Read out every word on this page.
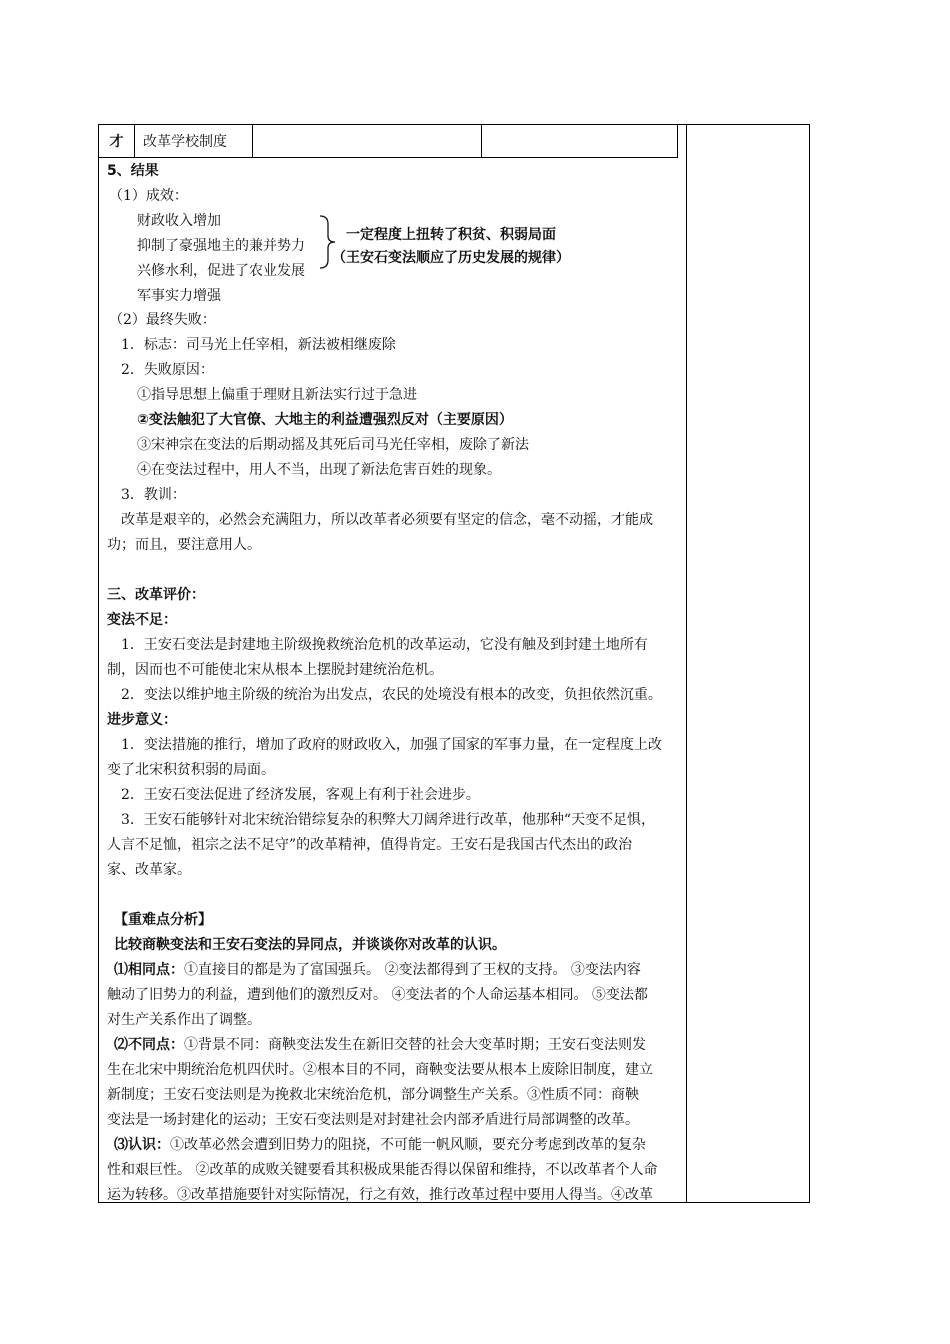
才	改革学校制度
5、结果
（1）成效：
财政收入增加
抑制了豪强地主的兼并势力
兴修水利，促进了农业发展
军事实力增强
一定程度上扭转了积贫、积弱局面
（王安石变法顺应了历史发展的规律）
（2）最终失败：
1．标志：司马光上任宰相，新法被相继废除
2．失败原因：
①指导思想上偏重于理财且新法实行过于急进
②变法触犯了大官僚、大地主的利益遭强烈反对（主要原因）
③宋神宗在变法的后期动摇及其死后司马光任宰相，废除了新法
④在变法过程中，用人不当，出现了新法危害百姓的现象。
3．教训：
改革是艰辛的，必然会充满阻力，所以改革者必须要有坚定的信念，毫不动摇，才能成
功；而且，要注意用人。
三、改革评价：
变法不足：
1．王安石变法是封建地主阶级挽救统治危机的改革运动，它没有触及到封建土地所有
制，因而也不可能使北宋从根本上摆脱封建统治危机。
2．变法以维护地主阶级的统治为出发点，农民的处境没有根本的改变，负担依然沉重。
进步意义：
1．变法措施的推行，增加了政府的财政收入，加强了国家的军事力量，在一定程度上改
变了北宋积贫积弱的局面。
2．王安石变法促进了经济发展，客观上有利于社会进步。
3．王安石能够针对北宋统治错综复杂的积弊大刀阔斧进行改革，他那种“天变不足惧，
人言不足恤，祖宗之法不足守”的改革精神，值得肯定。王安石是我国古代杰出的政治
家、改革家。
【重难点分析】
比较商鞅变法和王安石变法的异同点，并谈谈你对改革的认识。
⑴相同点：①直接目的都是为了富国强兵。 ②变法都得到了王权的支持。 ③变法内容
触动了旧势力的利益，遭到他们的激烈反对。 ④变法者的个人命运基本相同。 ⑤变法都
对生产关系作出了调整。
⑵不同点：①背景不同：商鞅变法发生在新旧交替的社会大变革时期；王安石变法则发
生在北宋中期统治危机四伏时。②根本目的不同，商鞅变法要从根本上废除旧制度，建立
新制度；王安石变法则是为挽救北宋统治危机，部分调整生产关系。③性质不同：商鞅
变法是一场封建化的运动；王安石变法则是对封建社会内部矛盾进行局部调整的改革。
⑶认识：①改革必然会遭到旧势力的阻挠，不可能一帆风顺，要充分考虑到改革的复杂
性和艰巨性。 ②改革的成败关键要看其积极成果能否得以保留和维持，不以改革者个人命
运为转移。③改革措施要针对实际情况，行之有效，推行改革过程中要用人得当。④改革
